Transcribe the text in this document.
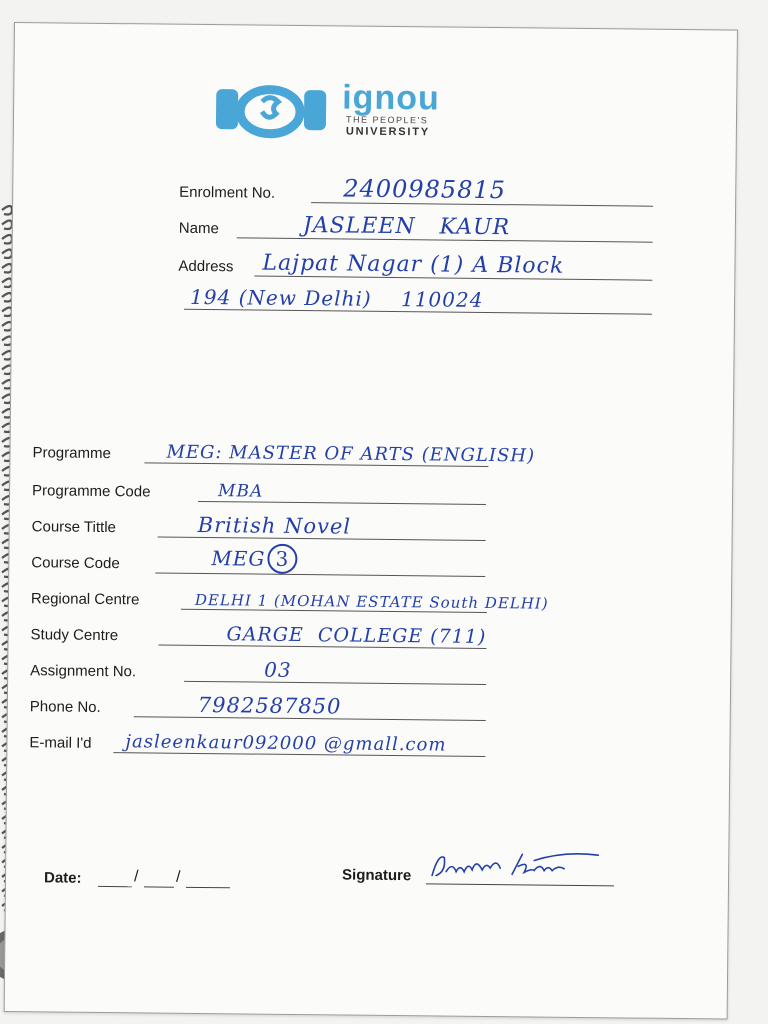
ignou
THE PEOPLE'S
UNIVERSITY
Enrolment No.	2400985815
Name	JASLEEN   KAUR
Address Lajpat Nagar (1) A Block
194 (New Delhi)    110024
Programme	MEG: MASTER OF ARTS (ENGLISH)
Programme Code	MBA
Course Tittle	British Novel
Course Code	MEG 3
Regional Centre	DELHI 1 (MOHAN ESTATE South DELHI)
Study Centre	GARGE  COLLEGE (711)
Assignment No.	03
Phone No.	7982587850
E-mail I'd jasleenkaur092000 @gmall.com
Date:	/ /	Signature
